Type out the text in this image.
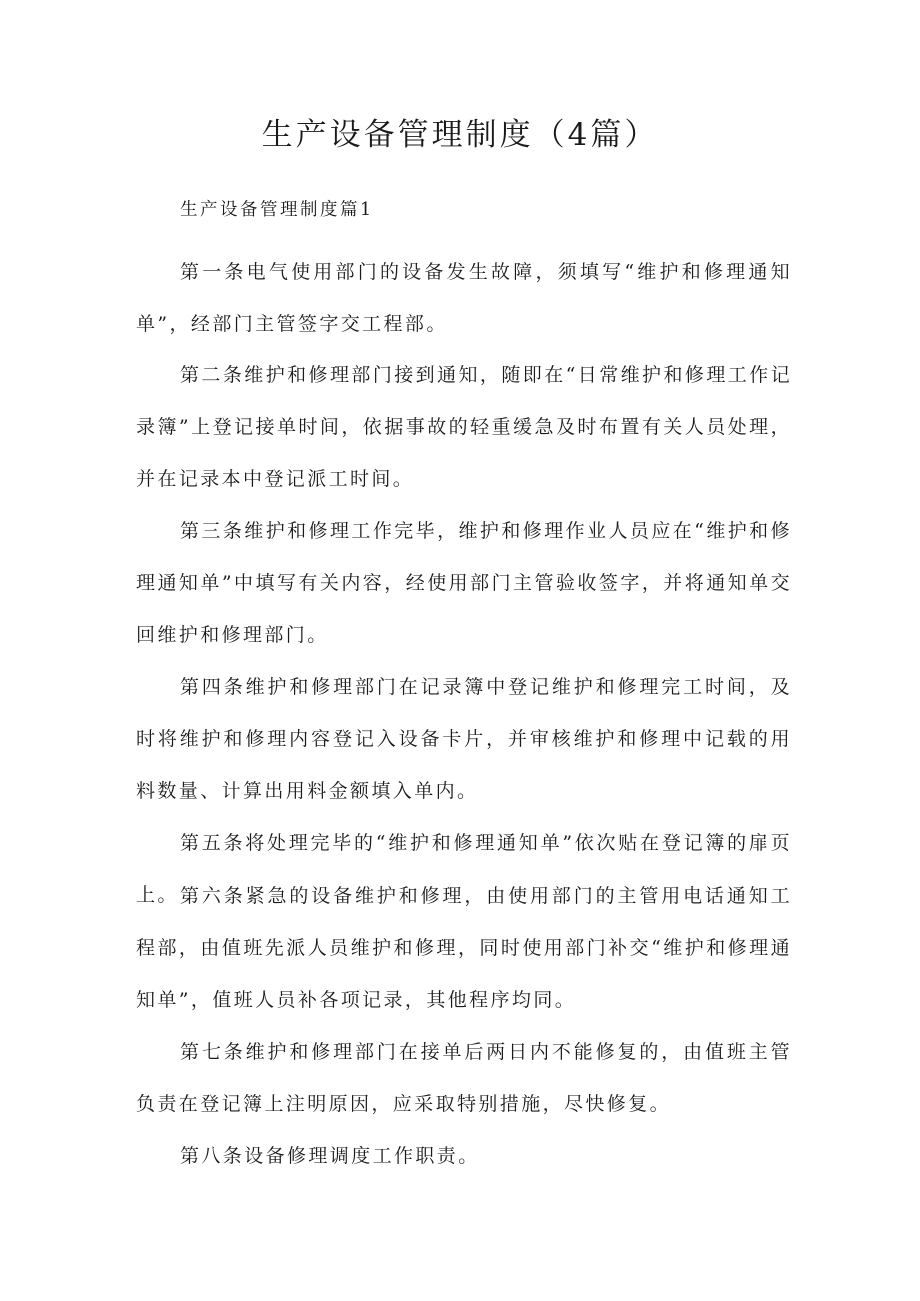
生产设备管理制度（4篇）

生产设备管理制度篇1

第一条电气使用部门的设备发生故障，须填写“维护和修理通知单”，经部门主管签字交工程部。

第二条维护和修理部门接到通知，随即在“日常维护和修理工作记录簿”上登记接单时间，依据事故的轻重缓急及时布置有关人员处理，并在记录本中登记派工时间。

第三条维护和修理工作完毕，维护和修理作业人员应在“维护和修理通知单”中填写有关内容，经使用部门主管验收签字，并将通知单交回维护和修理部门。

第四条维护和修理部门在记录簿中登记维护和修理完工时间，及时将维护和修理内容登记入设备卡片，并审核维护和修理中记载的用料数量、计算出用料金额填入单内。

第五条将处理完毕的“维护和修理通知单”依次贴在登记簿的扉页上。 第六条紧急的设备维护和修理，由使用部门的主管用电话通知工程部，由值班先派人员维护和修理，同时使用部门补交“维护和修理通知单”，值班人员补各项记录，其他程序均同。

第七条维护和修理部门在接单后两日内不能修复的，由值班主管负责在登记簿上注明原因，应采取特别措施，尽快修复。

第八条设备修理调度工作职责。
